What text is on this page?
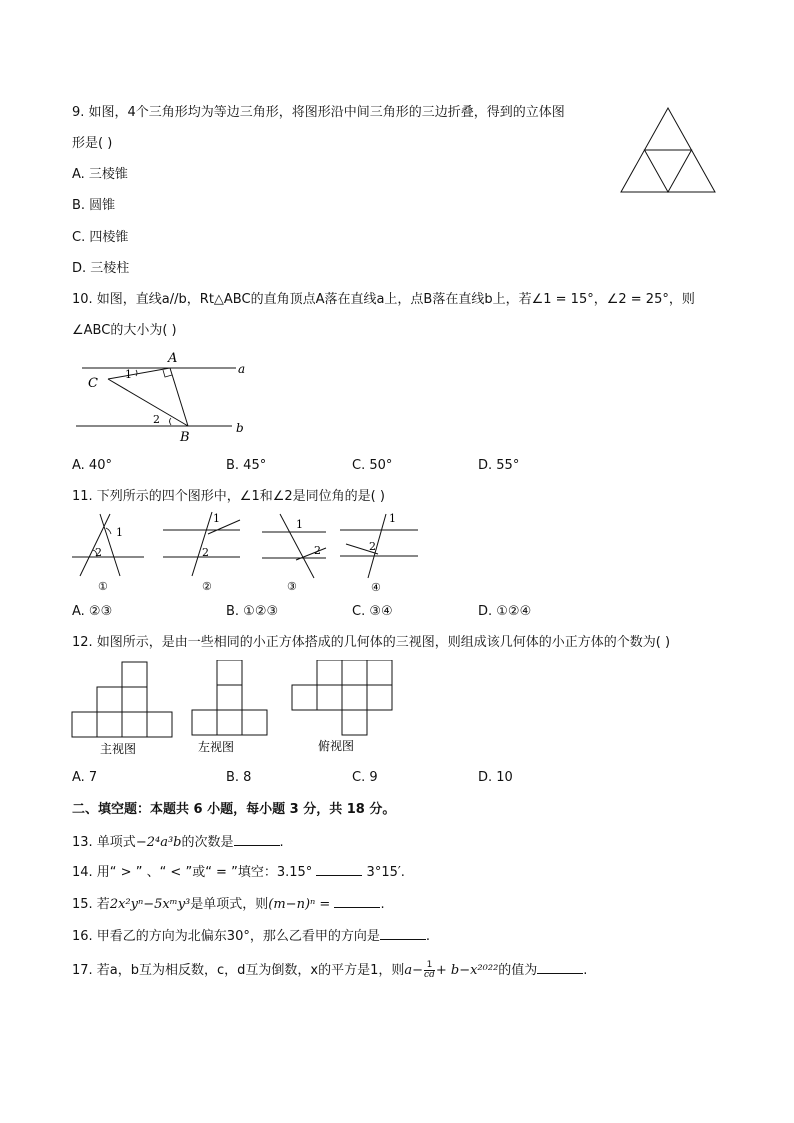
9. 如图，4个三角形均为等边三角形，将图形沿中间三角形的三边折叠，得到的立体图
形是( )
A. 三棱锥
B. 圆锥
C. 四棱锥
D. 三棱柱
10. 如图，直线a//b，Rt△ABC的直角顶点A落在直线a上，点B落在直线b上，若∠1 = 15°，∠2 = 25°，则
∠ABC的大小为( )
A
C
B
a
b
1
2
A. 40°	B. 45°	C. 50°	D. 55°
11. 下列所示的四个图形中，∠1和∠2是同位角的是( )
1
2
①
1
2
②
1
2
③
1
2
④
A. ②③	B. ①②③	C. ③④	D. ①②④
12. 如图所示，是由一些相同的小正方体搭成的几何体的三视图，则组成该几何体的小正方体的个数为( )
主视图	左视图	俯视图
A. 7	B. 8	C. 9	D. 10
二、填空题：本题共 6 小题，每小题 3 分，共 18 分。
13. 单项式−2⁴a³b的次数是	.
14. 用“ > ” 、“ < ”或“ = ”填空：3.15°	3°15′.
15. 若2x²yⁿ−5xᵐy³是单项式，则(m−n)ⁿ =	.
16. 甲看乙的方向为北偏东30°，那么乙看甲的方向是	.
17. 若a，b互为相反数，c，d互为倒数，x的平方是1，则$a- \frac{1}{cd} + b-x^{2022}$的值为	.
